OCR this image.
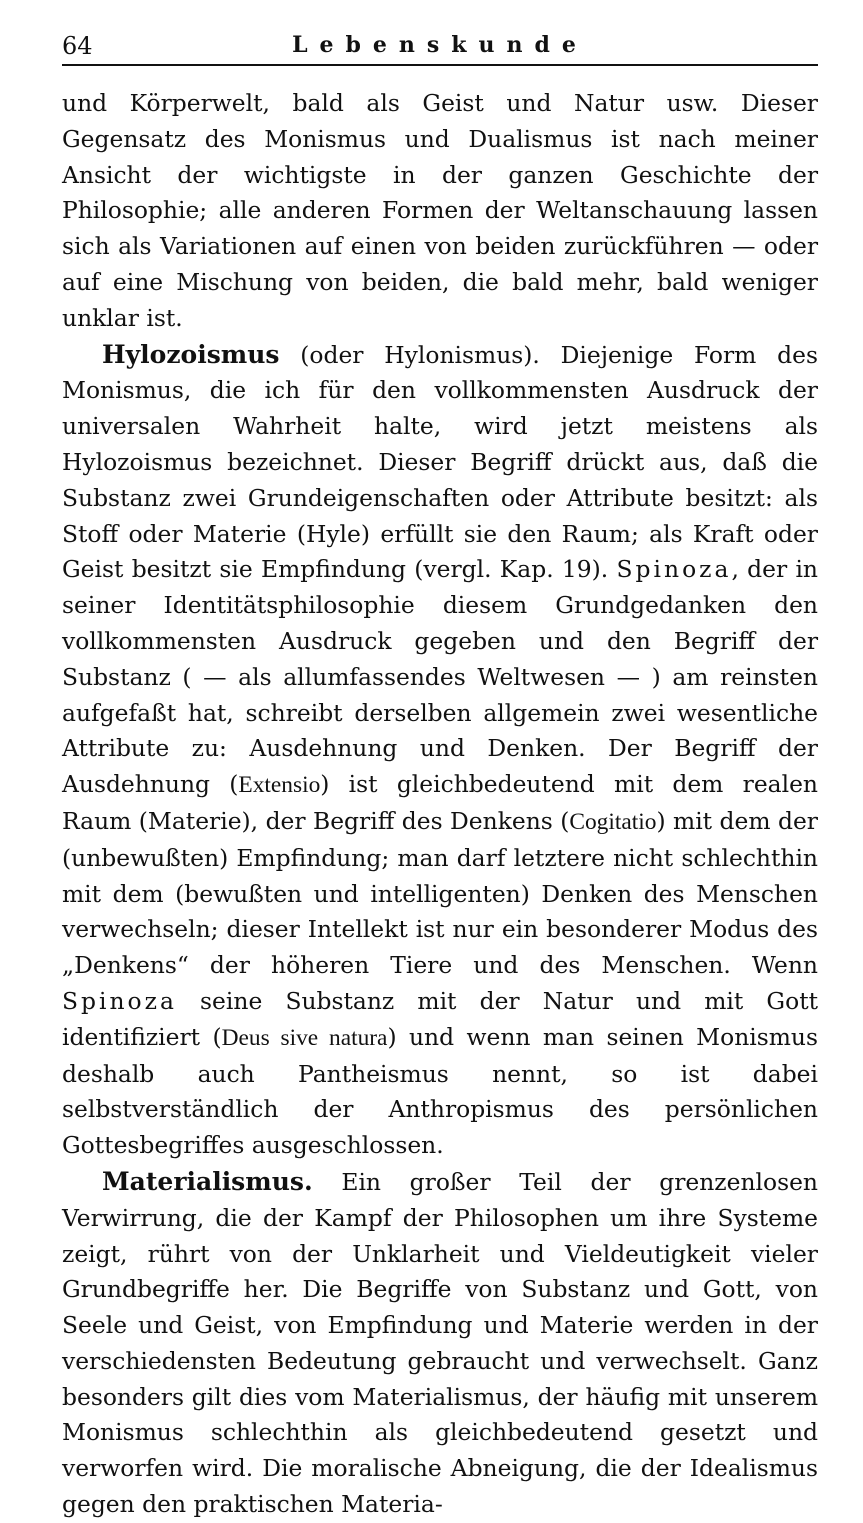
64	Lebenskunde

und Körperwelt, bald als Geist und Natur usw. Dieser Gegensatz des Monismus und Dualismus ist nach meiner Ansicht der wichtigste in der ganzen Geschichte der Philosophie; alle anderen Formen der Weltanschauung lassen sich als Variationen auf einen von beiden zurückführen — oder auf eine Mischung von beiden, die bald mehr, bald weniger unklar ist.

Hylozoismus (oder Hylonismus). Diejenige Form des Monismus, die ich für den vollkommensten Ausdruck der universalen Wahrheit halte, wird jetzt meistens als Hylozoismus bezeichnet. Dieser Begriff drückt aus, daß die Substanz zwei Grundeigenschaften oder Attribute besitzt: als Stoff oder Materie (Hyle) erfüllt sie den Raum; als Kraft oder Geist besitzt sie Empfindung (vergl. Kap. 19). Spinoza, der in seiner Identitätsphilosophie diesem Grundgedanken den vollkommensten Ausdruck gegeben und den Begriff der Substanz ( — als allumfassendes Weltwesen — ) am reinsten aufgefaßt hat, schreibt derselben allgemein zwei wesentliche Attribute zu: Ausdehnung und Denken. Der Begriff der Ausdehnung (Extensio) ist gleichbedeutend mit dem realen Raum (Materie), der Begriff des Denkens (Cogitatio) mit dem der (unbewußten) Empfindung; man darf letztere nicht schlechthin mit dem (bewußten und intelligenten) Denken des Menschen verwechseln; dieser Intellekt ist nur ein besonderer Modus des „Denkens“ der höheren Tiere und des Menschen. Wenn Spinoza seine Substanz mit der Natur und mit Gott identifiziert (Deus sive natura) und wenn man seinen Monismus deshalb auch Pantheismus nennt, so ist dabei selbstverständlich der Anthropismus des persönlichen Gottesbegriffes ausgeschlossen.

Materialismus. Ein großer Teil der grenzenlosen Verwirrung, die der Kampf der Philosophen um ihre Systeme zeigt, rührt von der Unklarheit und Vieldeutigkeit vieler Grundbegriffe her. Die Begriffe von Substanz und Gott, von Seele und Geist, von Empfindung und Materie werden in der verschiedensten Bedeutung gebraucht und verwechselt. Ganz besonders gilt dies vom Materialismus, der häufig mit unserem Monismus schlechthin als gleichbedeutend gesetzt und verworfen wird. Die moralische Abneigung, die der Idealismus gegen den praktischen Materia-
